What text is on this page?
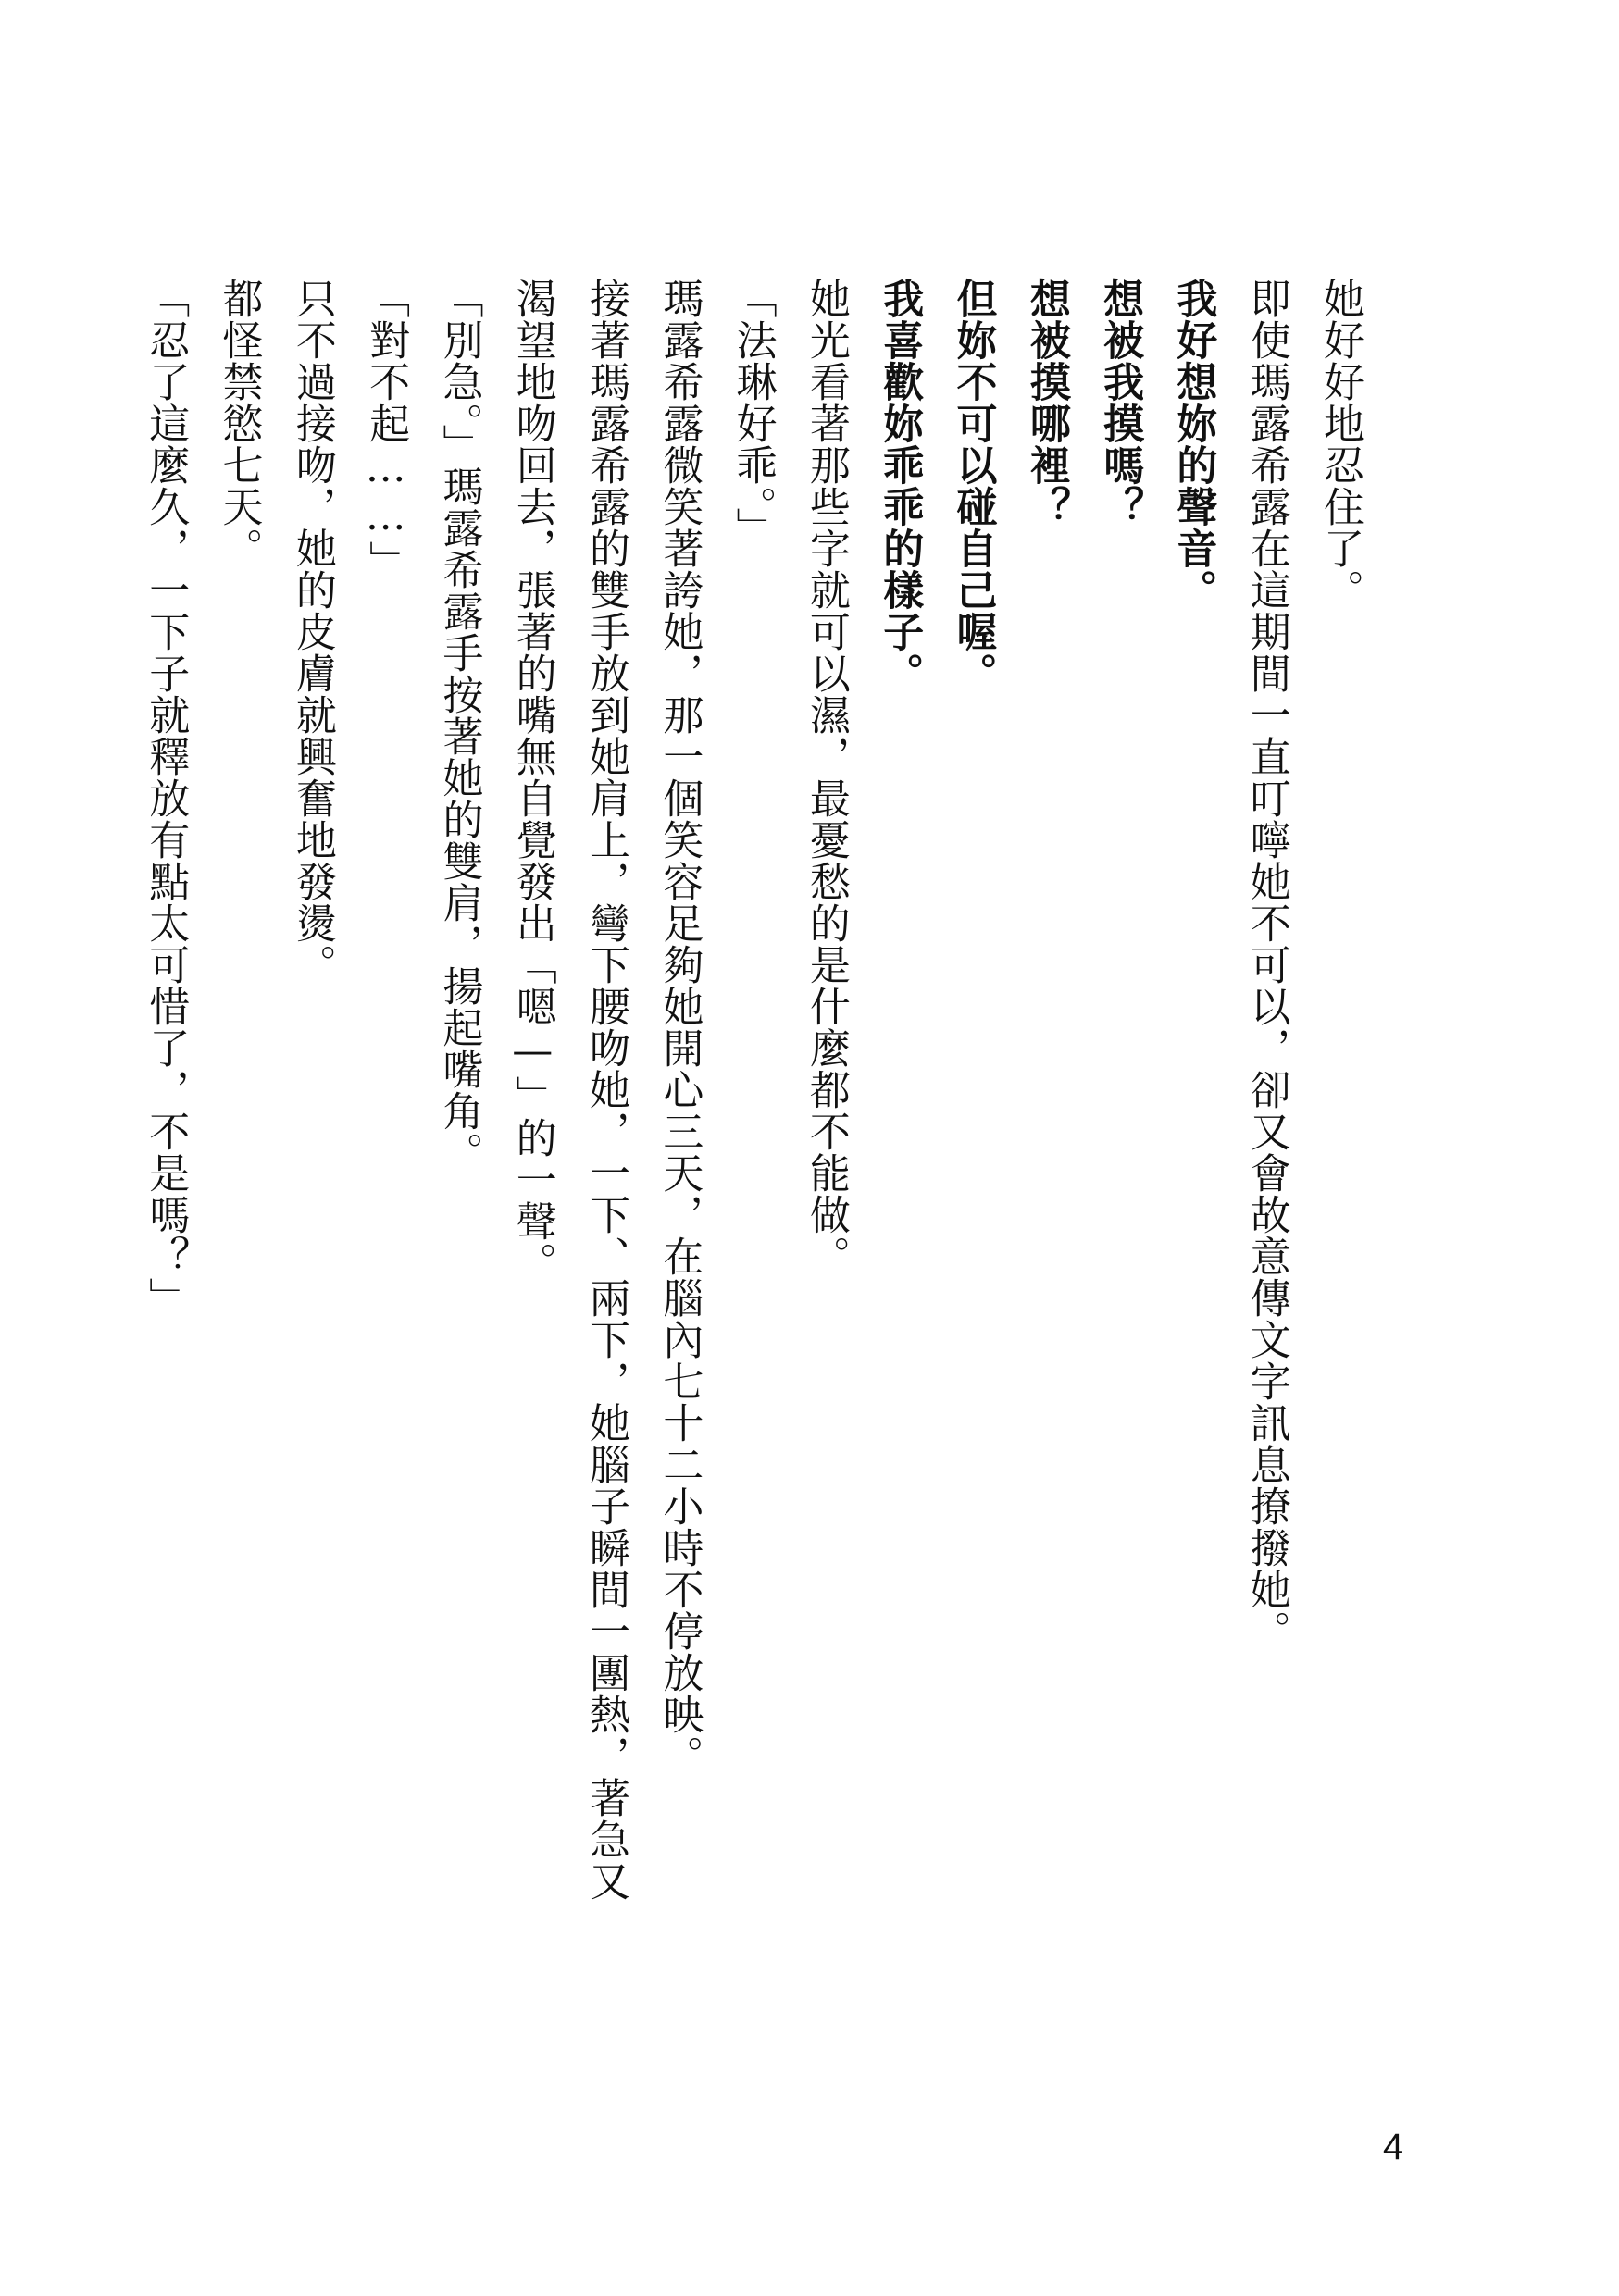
她好好地忍住了。
即使瑪露希露在這期間一直叮嚀她不可以，卻又會故意傳文字訊息撩撥她。
我好想妳的聲音。
想被我摸嗎？
想被摸哪裡？
但妳不可以碰自己喔。
我喜歡妳乖乖的樣子。
她光看著那些字就可以濕，最憂愁的是什麼都不能做。
「法琳好乖。」
瑪露希露微笑著誇她，那一個笑容足夠她開心三天，在腦內七十二小時不停放映。
接著瑪露希露的雙手放到她肩上，彎下腰吻她，一下、兩下，她腦子瞬間一團熱，著急又
渴望地吻回去，張著的嘴無自覺發出「嗯—」的一聲。
「別急。」瑪露希露手按著她的雙肩，揚起嘴角。
「對不起……」
只不過接吻，她的皮膚就興奮地發燙。
都怪禁慾七天。
「忍了這麼久，一下子就釋放有點太可惜了，不是嗎？」
4
